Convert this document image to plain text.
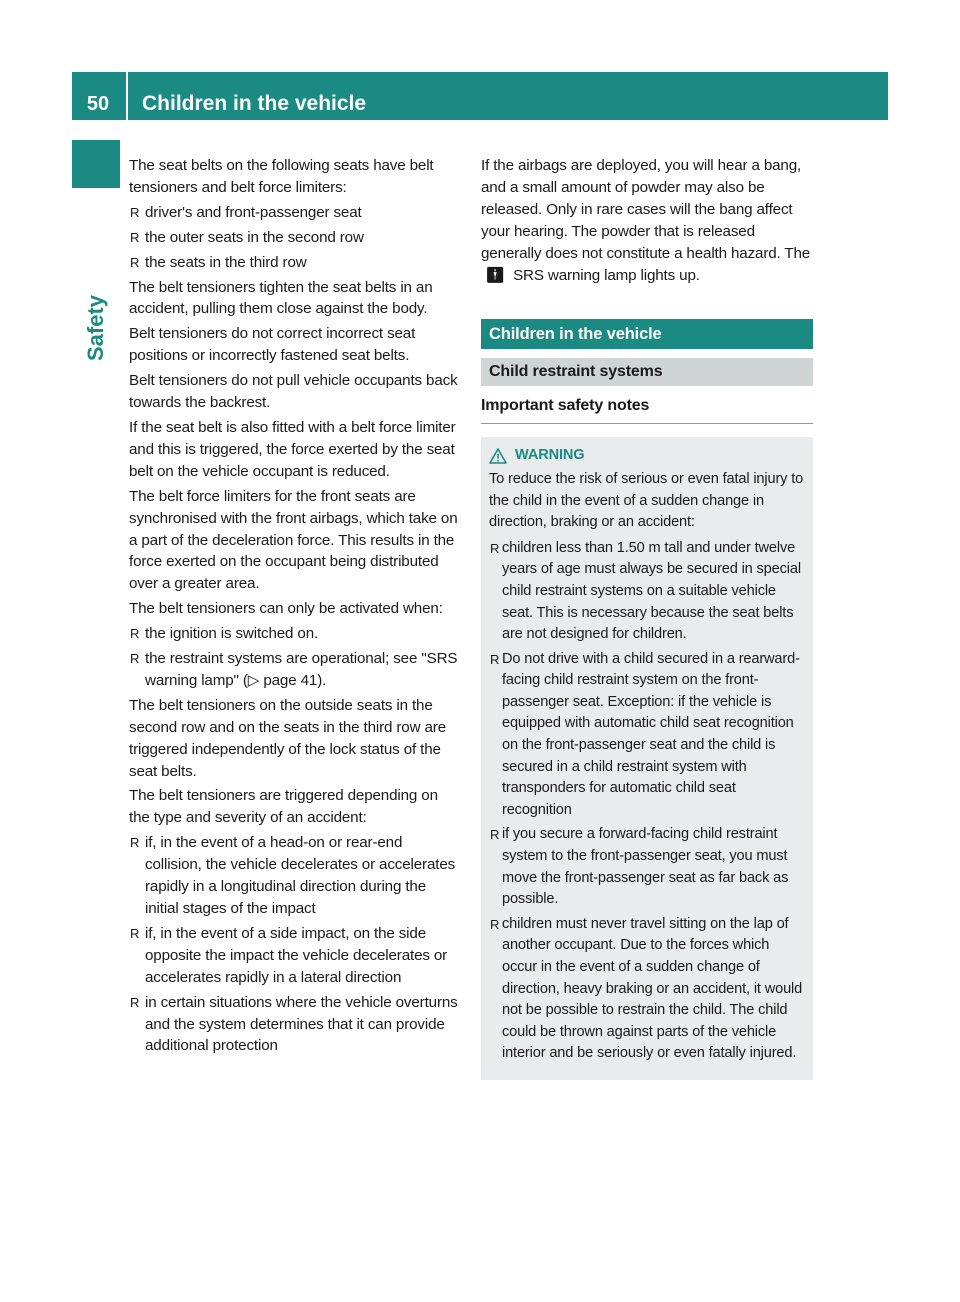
50	Children in the vehicle
Safety

The seat belts on the following seats have belt tensioners and belt force limiters:

R driver's and front-passenger seat
R the outer seats in the second row
R the seats in the third row

The belt tensioners tighten the seat belts in an accident, pulling them close against the body.

Belt tensioners do not correct incorrect seat positions or incorrectly fastened seat belts.

Belt tensioners do not pull vehicle occupants back towards the backrest.

If the seat belt is also fitted with a belt force limiter and this is triggered, the force exerted by the seat belt on the vehicle occupant is reduced.

The belt force limiters for the front seats are synchronised with the front airbags, which take on a part of the deceleration force. This results in the force exerted on the occupant being distributed over a greater area.

The belt tensioners can only be activated when:

R the ignition is switched on.
R the restraint systems are operational; see "SRS warning lamp" (▷ page 41).

The belt tensioners on the outside seats in the second row and on the seats in the third row are triggered independently of the lock status of the seat belts.

The belt tensioners are triggered depending on the type and severity of an accident:

R if, in the event of a head-on or rear-end collision, the vehicle decelerates or accelerates rapidly in a longitudinal direction during the initial stages of the impact
R if, in the event of a side impact, on the side opposite the impact the vehicle decelerates or accelerates rapidly in a lateral direction
R in certain situations where the vehicle overturns and the system determines that it can provide additional protection

If the airbags are deployed, you will hear a bang, and a small amount of powder may also be released. Only in rare cases will the bang affect your hearing. The powder that is released generally does not constitute a health hazard. The 🚹︎ SRS warning lamp lights up.

Children in the vehicle
Child restraint systems
Important safety notes
WARNING

To reduce the risk of serious or even fatal injury to the child in the event of a sudden change in direction, braking or an accident:

R children less than 1.50 m tall and under twelve years of age must always be secured in special child restraint systems on a suitable vehicle seat. This is necessary because the seat belts are not designed for children.
R Do not drive with a child secured in a rearward-facing child restraint system on the front-passenger seat. Exception: if the vehicle is equipped with automatic child seat recognition on the front-passenger seat and the child is secured in a child restraint system with transponders for automatic child seat recognition
R if you secure a forward-facing child restraint system to the front-passenger seat, you must move the front-passenger seat as far back as possible.
R children must never travel sitting on the lap of another occupant. Due to the forces which occur in the event of a sudden change of direction, heavy braking or an accident, it would not be possible to restrain the child. The child could be thrown against parts of the vehicle interior and be seriously or even fatally injured.
